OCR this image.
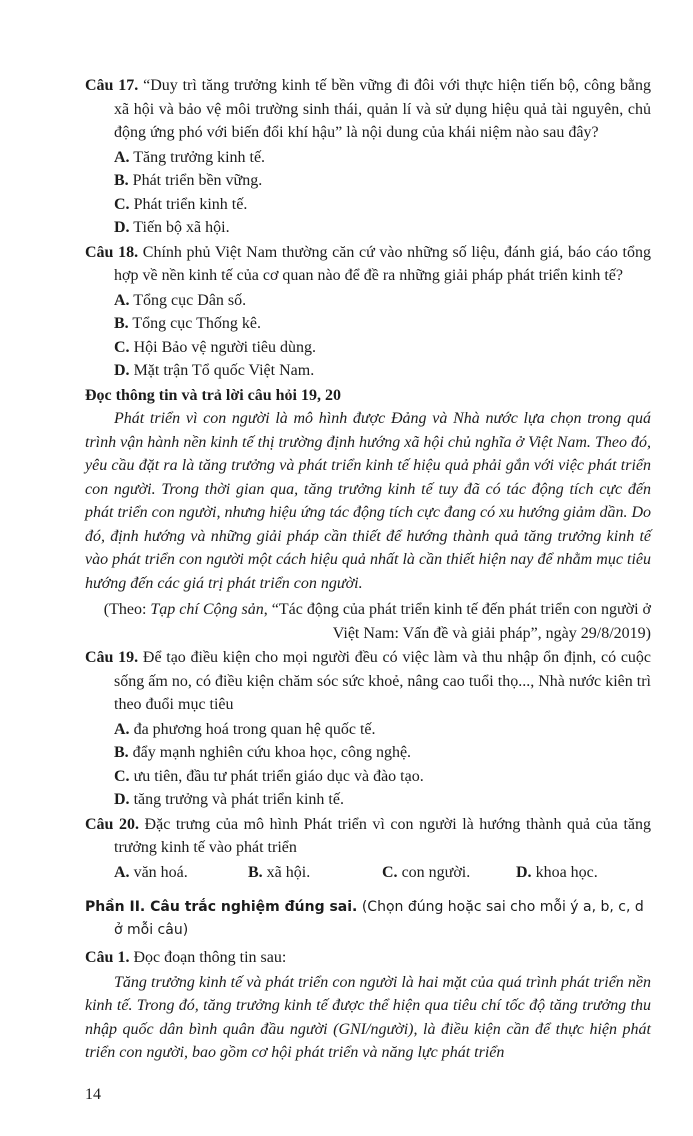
Câu 17. “Duy trì tăng trưởng kinh tế bền vững đi đôi với thực hiện tiến bộ, công bằng xã hội và bảo vệ môi trường sinh thái, quản lí và sử dụng hiệu quả tài nguyên, chủ động ứng phó với biến đổi khí hậu” là nội dung của khái niệm nào sau đây?

A. Tăng trưởng kinh tế.
B. Phát triển bền vững.
C. Phát triển kinh tế.
D. Tiến bộ xã hội.

Câu 18. Chính phủ Việt Nam thường căn cứ vào những số liệu, đánh giá, báo cáo tổng hợp về nền kinh tế của cơ quan nào để đề ra những giải pháp phát triển kinh tế?

A. Tổng cục Dân số.
B. Tổng cục Thống kê.
C. Hội Bảo vệ người tiêu dùng.
D. Mặt trận Tổ quốc Việt Nam.

Đọc thông tin và trả lời câu hỏi 19, 20

Phát triển vì con người là mô hình được Đảng và Nhà nước lựa chọn trong quá trình vận hành nền kinh tế thị trường định hướng xã hội chủ nghĩa ở Việt Nam. Theo đó, yêu cầu đặt ra là tăng trưởng và phát triển kinh tế hiệu quả phải gắn với việc phát triển con người. Trong thời gian qua, tăng trưởng kinh tế tuy đã có tác động tích cực đến phát triển con người, nhưng hiệu ứng tác động tích cực đang có xu hướng giảm dần. Do đó, định hướng và những giải pháp cần thiết để hướng thành quả tăng trưởng kinh tế vào phát triển con người một cách hiệu quả nhất là cần thiết hiện nay để nhằm mục tiêu hướng đến các giá trị phát triển con người.

(Theo: Tạp chí Cộng sản, “Tác động của phát triển kinh tế đến phát triển con người ở Việt Nam: Vấn đề và giải pháp”, ngày 29/8/2019)

Câu 19. Để tạo điều kiện cho mọi người đều có việc làm và thu nhập ổn định, có cuộc sống ấm no, có điều kiện chăm sóc sức khoẻ, nâng cao tuổi thọ..., Nhà nước kiên trì theo đuổi mục tiêu

A. đa phương hoá trong quan hệ quốc tế.
B. đẩy mạnh nghiên cứu khoa học, công nghệ.
C. ưu tiên, đầu tư phát triển giáo dục và đào tạo.
D. tăng trưởng và phát triển kinh tế.

Câu 20. Đặc trưng của mô hình Phát triển vì con người là hướng thành quả của tăng trưởng kinh tế vào phát triển

A. văn hoá.	B. xã hội.	C. con người.	D. khoa học.

Phần II. Câu trắc nghiệm đúng sai. (Chọn đúng hoặc sai cho mỗi ý a, b, c, d ở mỗi câu)

Câu 1. Đọc đoạn thông tin sau:

Tăng trưởng kinh tế và phát triển con người là hai mặt của quá trình phát triển nền kinh tế. Trong đó, tăng trưởng kinh tế được thể hiện qua tiêu chí tốc độ tăng trưởng thu nhập quốc dân bình quân đầu người (GNI/người), là điều kiện cần để thực hiện phát triển con người, bao gồm cơ hội phát triển và năng lực phát triển

14
